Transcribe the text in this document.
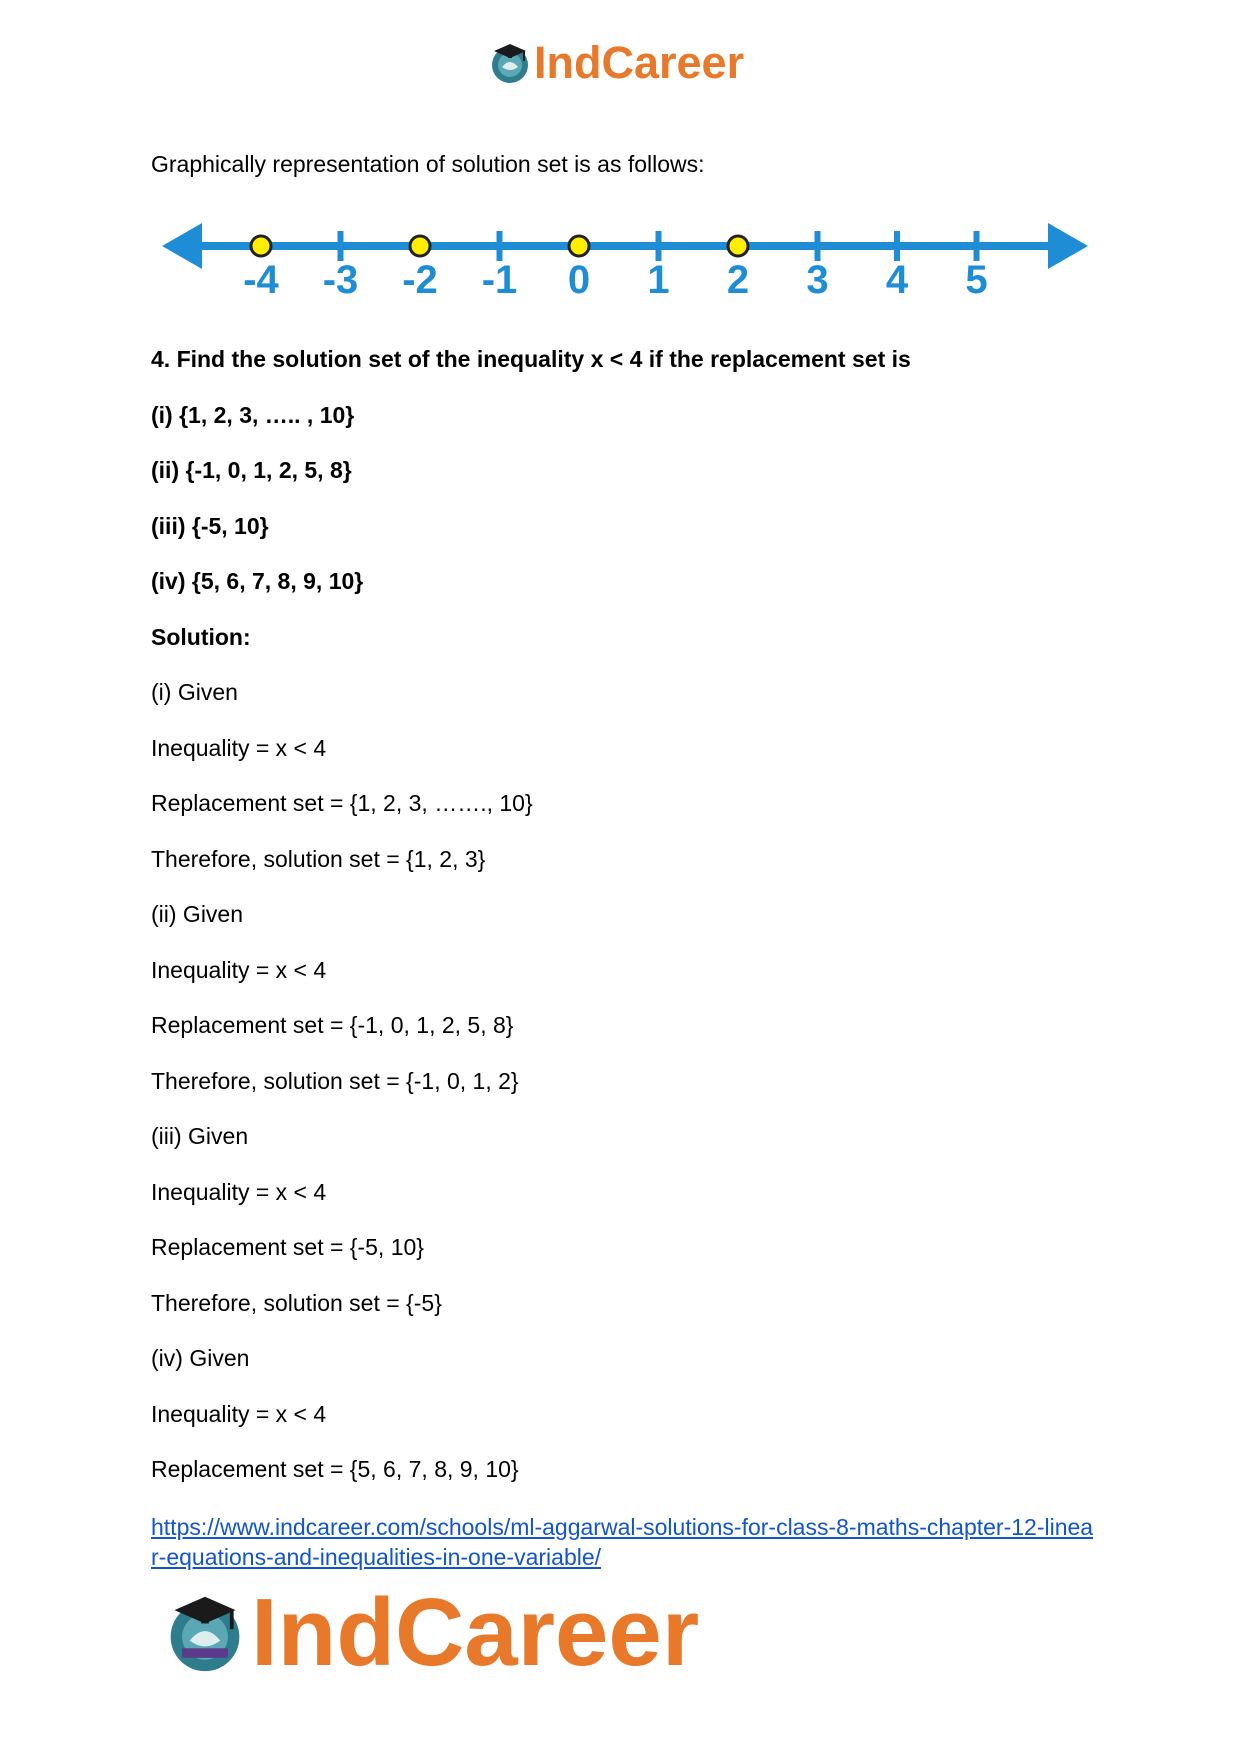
IndCareer
Graphically representation of solution set is as follows:
-4 -3 -2 -1 0 1 2 3 4 5
4. Find the solution set of the inequality x < 4 if the replacement set is
(i) {1, 2, 3, ….. , 10}
(ii) {-1, 0, 1, 2, 5, 8}
(iii) {-5, 10}
(iv) {5, 6, 7, 8, 9, 10}
Solution:
(i) Given
Inequality = x < 4
Replacement set = {1, 2, 3, ……., 10}
Therefore, solution set = {1, 2, 3}
(ii) Given
Inequality = x < 4
Replacement set = {-1, 0, 1, 2, 5, 8}
Therefore, solution set = {-1, 0, 1, 2}
(iii) Given
Inequality = x < 4
Replacement set = {-5, 10}
Therefore, solution set = {-5}
(iv) Given
Inequality = x < 4
Replacement set = {5, 6, 7, 8, 9, 10}
https://www.indcareer.com/schools/ml-aggarwal-solutions-for-class-8-maths-chapter-12-linea
r-equations-and-inequalities-in-one-variable/
IndCareer
